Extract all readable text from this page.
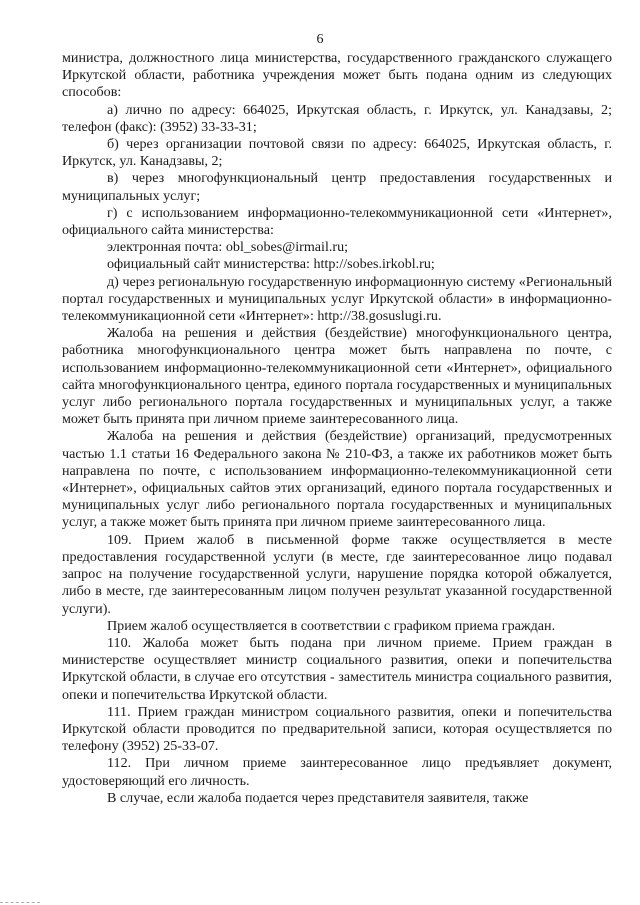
6

министра, должностного лица министерства, государственного гражданского служащего Иркутской области, работника учреждения может быть подана одним из следующих способов:

а) лично по адресу: 664025, Иркутская область, г. Иркутск, ул. Канадзавы, 2; телефон (факс): (3952) 33-33-31;

б) через организации почтовой связи по адресу: 664025, Иркутская область, г. Иркутск, ул. Канадзавы, 2;

в) через многофункциональный центр предоставления государственных и муниципальных услуг;

г) с использованием информационно-телекоммуникационной сети «Интернет», официального сайта министерства:

электронная почта: obl_sobes@irmail.ru;

официальный сайт министерства: http://sobes.irkobl.ru;

д) через региональную государственную информационную систему «Региональный портал государственных и муниципальных услуг Иркутской области» в информационно-телекоммуникационной сети «Интернет»: http://38.gosuslugi.ru.

Жалоба на решения и действия (бездействие) многофункционального центра, работника многофункционального центра может быть направлена по почте, с использованием информационно-телекоммуникационной сети «Интернет», официального сайта многофункционального центра, единого портала государственных и муниципальных услуг либо регионального портала государственных и муниципальных услуг, а также может быть принята при личном приеме заинтересованного лица.

Жалоба на решения и действия (бездействие) организаций, предусмотренных частью 1.1 статьи 16 Федерального закона № 210-ФЗ, а также их работников может быть направлена по почте, с использованием информационно-телекоммуникационной сети «Интернет», официальных сайтов этих организаций, единого портала государственных и муниципальных услуг либо регионального портала государственных и муниципальных услуг, а также может быть принята при личном приеме заинтересованного лица.

109. Прием жалоб в письменной форме также осуществляется в месте предоставления государственной услуги (в месте, где заинтересованное лицо подавал запрос на получение государственной услуги, нарушение порядка которой обжалуется, либо в месте, где заинтересованным лицом получен результат указанной государственной услуги).

Прием жалоб осуществляется в соответствии с графиком приема граждан.

110. Жалоба может быть подана при личном приеме. Прием граждан в министерстве осуществляет министр социального развития, опеки и попечительства Иркутской области, в случае его отсутствия - заместитель министра социального развития, опеки и попечительства Иркутской области.

111. Прием граждан министром социального развития, опеки и попечительства Иркутской области проводится по предварительной записи, которая осуществляется по телефону (3952) 25-33-07.

112. При личном приеме заинтересованное лицо предъявляет документ, удостоверяющий его личность.

В случае, если жалоба подается через представителя заявителя, также
